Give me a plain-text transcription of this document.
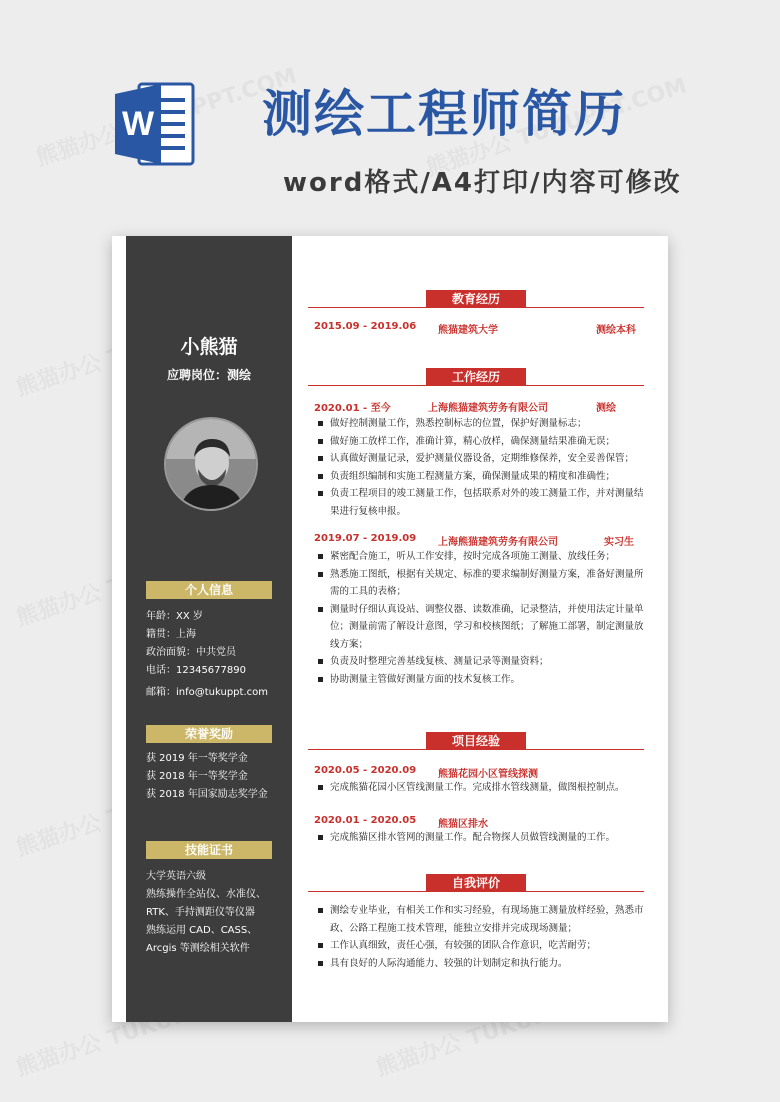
W 测绘工程师简历
word格式/A4打印/内容可修改
小熊猫
应聘岗位：测绘
个人信息
年龄：XX 岁
籍贯：上海
政治面貌：中共党员
电话：12345677890
邮箱：info@tukuppt.com
荣誉奖励
获 2019 年一等奖学金
获 2018 年一等奖学金
获 2018 年国家励志奖学金
技能证书
大学英语六级
熟练操作全站仪、水准仪、
RTK、手持测距仪等仪器
熟练运用 CAD、CASS、
Arcgis 等测绘相关软件
教育经历
2015.09 - 2019.06 熊猫建筑大学	测绘本科
工作经历
2020.01 - 至今	上海熊猫建筑劳务有限公司	测绘
做好控制测量工作，熟悉控制标志的位置，保护好测量标志；
做好施工放样工作，准确计算，精心放样，确保测量结果准确无误；
认真做好测量记录，爱护测量仪器设备，定期维修保养，安全妥善保管；
负责组织编制和实施工程测量方案，确保测量成果的精度和准确性；
负责工程项目的竣工测量工作，包括联系对外的竣工测量工作，并对测量结果进行复核申报。
2019.07 - 2019.09 上海熊猫建筑劳务有限公司	实习生
紧密配合施工，听从工作安排，按时完成各项施工测量、放线任务；
熟悉施工图纸，根据有关规定、标准的要求编制好测量方案，准备好测量所需的工具的表格；
测量时仔细认真设站、调整仪器、读数准确，记录整洁，并使用法定计量单位；测量前需了解设计意图，学习和校核图纸；了解施工部署，制定测量放线方案；
负责及时整理完善基线复核、测量记录等测量资料；
协助测量主管做好测量方面的技术复核工作。
项目经验
2020.05 - 2020.09 熊猫花园小区管线探测
完成熊猫花园小区管线测量工作。完成排水管线测量，做图根控制点。
2020.01 - 2020.05 熊猫区排水
完成熊猫区排水管网的测量工作。配合物探人员做管线测量的工作。
自我评价
测绘专业毕业，有相关工作和实习经验，有现场施工测量放样经验，熟悉市政、公路工程施工技术管理，能独立安排并完成现场测量；
工作认真细致，责任心强，有较强的团队合作意识，吃苦耐劳；
具有良好的人际沟通能力、较强的计划制定和执行能力。
